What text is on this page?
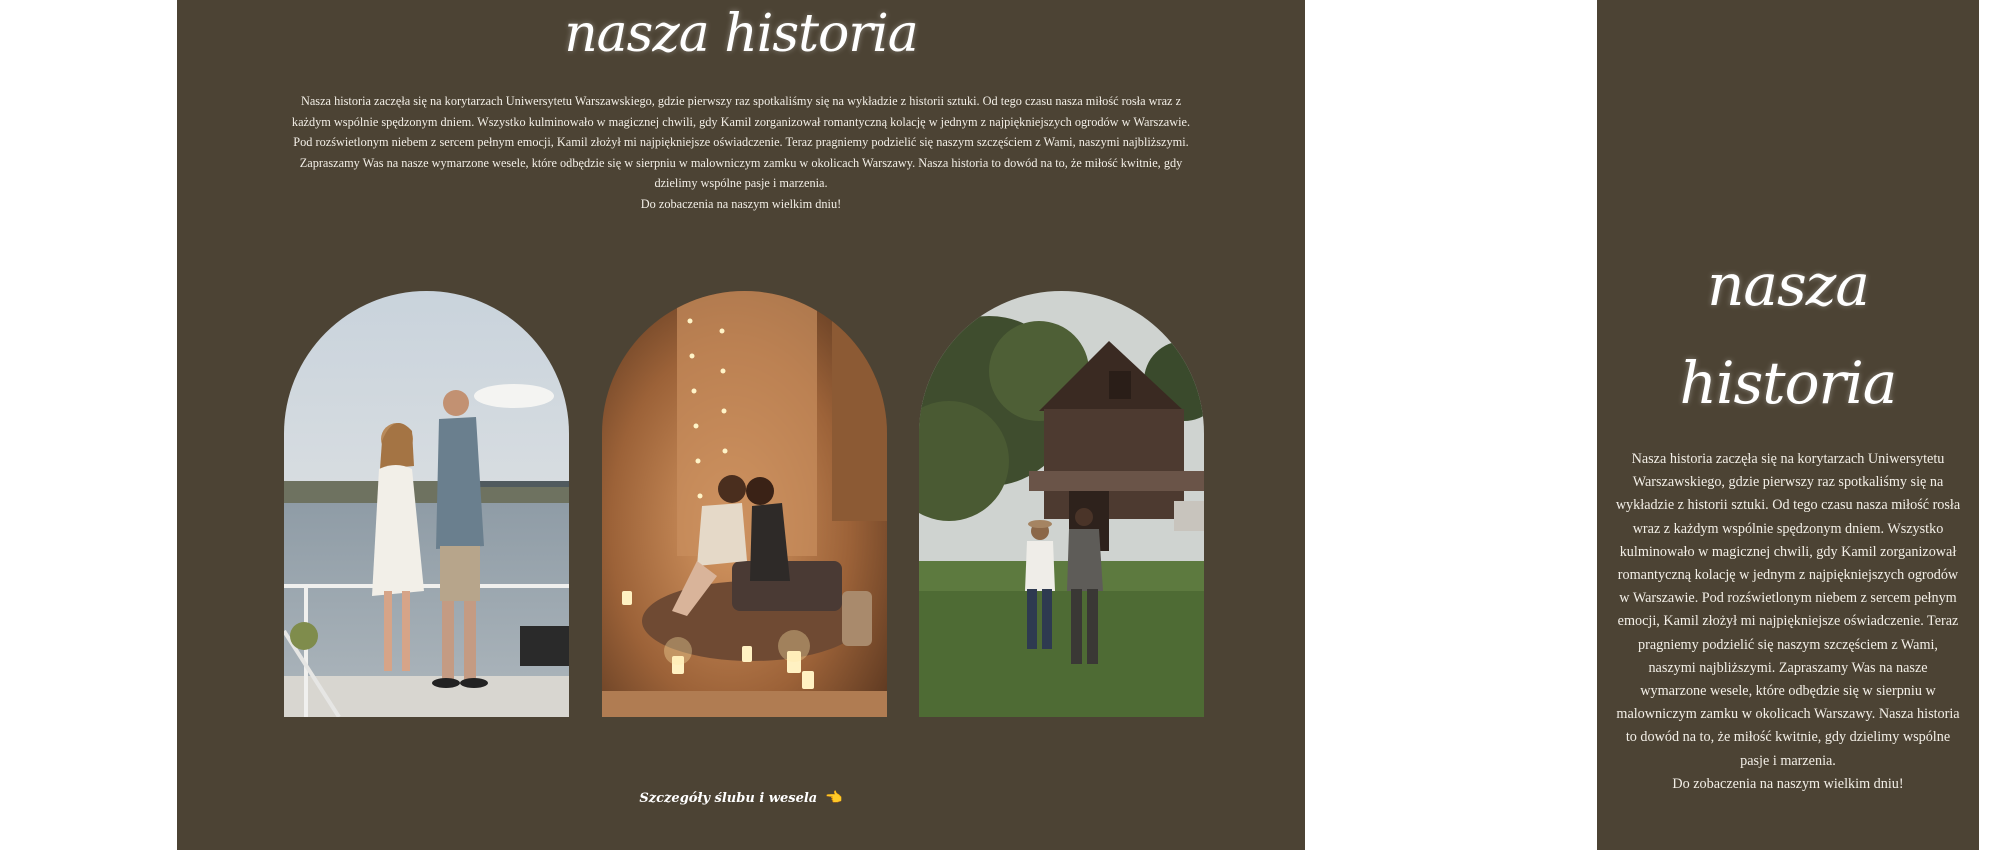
nasza historia

Nasza historia zaczęła się na korytarzach Uniwersytetu Warszawskiego, gdzie pierwszy raz spotkaliśmy się na wykładzie z historii sztuki. Od tego czasu nasza miłość rosła wraz z każdym wspólnie spędzonym dniem. Wszystko kulminowało w magicznej chwili, gdy Kamil zorganizował romantyczną kolację w jednym z najpiękniejszych ogrodów w Warszawie. Pod rozświetlonym niebem z sercem pełnym emocji, Kamil złożył mi najpiękniejsze oświadczenie. Teraz pragniemy podzielić się naszym szczęściem z Wami, naszymi najbliższymi. Zapraszamy Was na nasze wymarzone wesele, które odbędzie się w sierpniu w malowniczym zamku w okolicach Warszawy. Nasza historia to dowód na to, że miłość kwitnie, gdy dzielimy wspólne pasje i marzenia.
Do zobaczenia na naszym wielkim dniu!

Szczegóły ślubu i wesela 👈
nasza historia

Nasza historia zaczęła się na korytarzach Uniwersytetu Warszawskiego, gdzie pierwszy raz spotkaliśmy się na wykładzie z historii sztuki. Od tego czasu nasza miłość rosła wraz z każdym wspólnie spędzonym dniem. Wszystko kulminowało w magicznej chwili, gdy Kamil zorganizował romantyczną kolację w jednym z najpiękniejszych ogrodów w Warszawie. Pod rozświetlonym niebem z sercem pełnym emocji, Kamil złożył mi najpiękniejsze oświadczenie. Teraz pragniemy podzielić się naszym szczęściem z Wami, naszymi najbliższymi. Zapraszamy Was na nasze wymarzone wesele, które odbędzie się w sierpniu w malowniczym zamku w okolicach Warszawy. Nasza historia to dowód na to, że miłość kwitnie, gdy dzielimy wspólne pasje i marzenia.
Do zobaczenia na naszym wielkim dniu!
